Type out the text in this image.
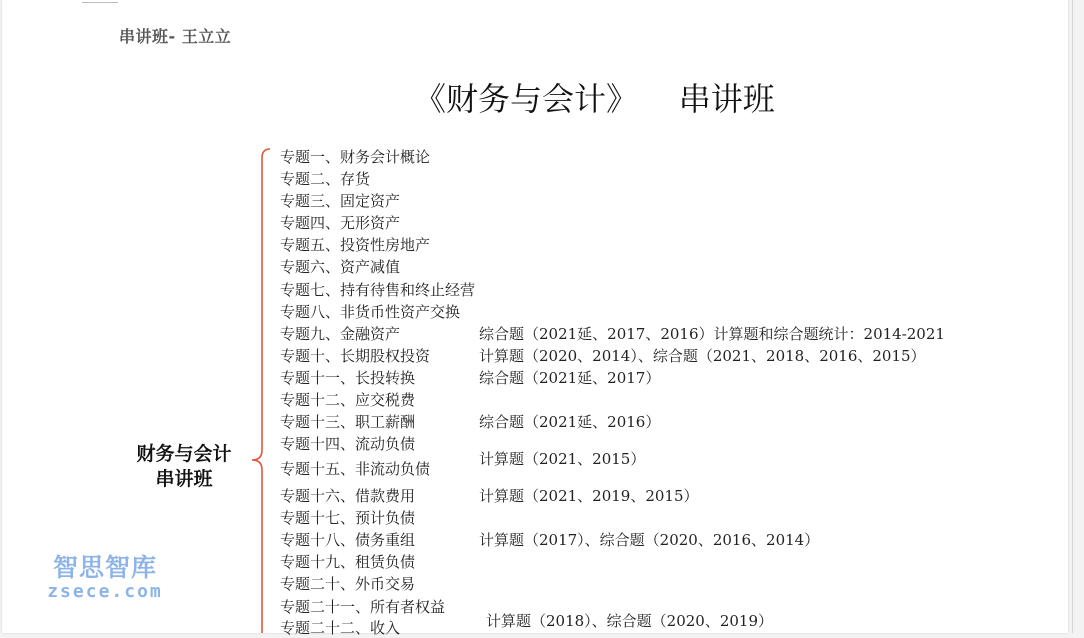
串讲班- 王立立
《财务与会计》    串讲班
财务与会计
串讲班
专题一、财务会计概论
专题二、存货
专题三、固定资产
专题四、无形资产
专题五、投资性房地产
专题六、资产减值
专题七、持有待售和终止经营
专题八、非货币性资产交换
专题九、金融资产
专题十、长期股权投资
专题十一、长投转换
专题十二、应交税费
专题十三、职工薪酬
专题十四、流动负债
专题十五、非流动负债
专题十六、借款费用
专题十七、预计负债
专题十八、债务重组
专题十九、租赁负债
专题二十、外币交易
专题二十一、所有者权益
专题二十二、收入
综合题（2021延、2017、2016）计算题和综合题统计：2014-2021
计算题（2020、2014）、综合题（2021、2018、2016、2015）
综合题（2021延、2017）
综合题（2021延、2016）
计算题（2021、2015）
计算题（2021、2019、2015）
计算题（2017）、综合题（2020、2016、2014）
计算题（2018）、综合题（2020、2019）
智思智库
zsece.com
